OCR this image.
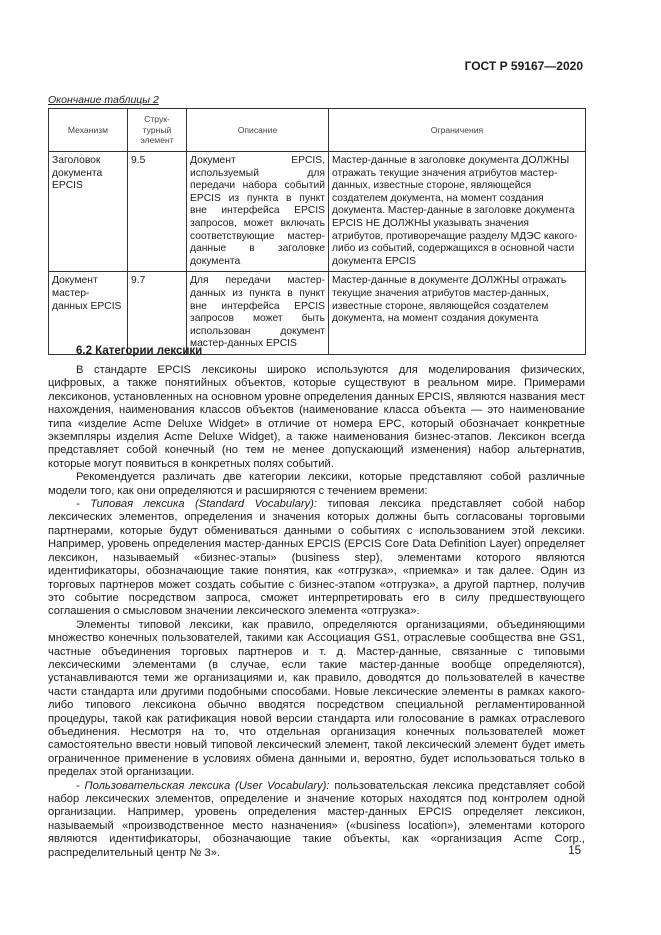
ГОСТ Р 59167—2020
Окончание таблицы 2
Механизм	Струк-турный элемент	Описание	Ограничения
Заголовок документа EPCIS	9.5	Документ EPCIS, используемый для передачи набора событий EPCIS из пункта в пункт вне интерфейса EPCIS запросов, может включать соответствующие мастер-данные в заголовке документа	Мастер-данные в заголовке документа ДОЛЖНЫ отражать текущие значения атрибутов мастер-данных, известные стороне, являющейся создателем документа, на момент создания документа. Мастер-данные в заголовке документа EPCIS НЕ ДОЛЖНЫ указывать значения атрибутов, противоречащие разделу МДЭС какого-либо из событий, содержащихся в основной части документа EPCIS
Документ мастер-данных EPCIS	9.7	Для передачи мастер-данных из пункта в пункт вне интерфейса EPCIS запросов может быть использован документ мастер-данных EPCIS	Мастер-данные в документе ДОЛЖНЫ отражать текущие значения атрибутов мастер-данных, известные стороне, являющейся создателем документа, на момент создания документа
6.2 Категории лексики

В стандарте EPCIS лексиконы широко используются для моделирования физических, цифровых, а также понятийных объектов, которые существуют в реальном мире. Примерами лексиконов, установленных на основном уровне определения данных EPCIS, являются названия мест нахождения, наименования классов объектов (наименование класса объекта — это наименование типа «изделие Acme Deluxe Widget» в отличие от номера EPC, который обозначает конкретные экземпляры изделия Acme Deluxe Widget), а также наименования бизнес-этапов. Лексикон всегда представляет собой конечный (но тем не менее допускающий изменения) набор альтернатив, которые могут появиться в конкретных полях событий.

Рекомендуется различать две категории лексики, которые представляют собой различные модели того, как они определяются и расширяются с течением времени:

- Типовая лексика (Standard Vocabulary): типовая лексика представляет собой набор лексических элементов, определения и значения которых должны быть согласованы торговыми партнерами, которые будут обмениваться данными о событиях с использованием этой лексики. Например, уровень определения мастер-данных EPCIS (EPCIS Core Data Definition Layer) определяет лексикон, называемый «бизнес-этапы» (business step), элементами которого являются идентификаторы, обозначающие такие понятия, как «отгрузка», «приемка» и так далее. Один из торговых партнеров может создать событие с бизнес-этапом «отгрузка», а другой партнер, получив это событие посредством запроса, сможет интерпретировать его в силу предшествующего соглашения о смысловом значении лексического элемента «отгрузка».

Элементы типовой лексики, как правило, определяются организациями, объединяющими множество конечных пользователей, такими как Ассоциация GS1, отраслевые сообщества вне GS1, частные объединения торговых партнеров и т. д. Мастер-данные, связанные с типовыми лексическими элементами (в случае, если такие мастер-данные вообще определяются), устанавливаются теми же организациями и, как правило, доводятся до пользователей в качестве части стандарта или другими подобными способами. Новые лексические элементы в рамках какого-либо типового лексикона обычно вводятся посредством специальной регламентированной процедуры, такой как ратификация новой версии стандарта или голосование в рамках отраслевого объединения. Несмотря на то, что отдельная организация конечных пользователей может самостоятельно ввести новый типовой лексический элемент, такой лексический элемент будет иметь ограниченное применение в условиях обмена данными и, вероятно, будет использоваться только в пределах этой организации.

- Пользовательская лексика (User Vocabulary): пользовательская лексика представляет собой набор лексических элементов, определение и значение которых находятся под контролем одной организации. Например, уровень определения мастер-данных EPCIS определяет лексикон, называемый «производственное место назначения» («business location»), элементами которого являются идентификаторы, обозначающие такие объекты, как «организация Acme Corp., распределительный центр № 3».	15
